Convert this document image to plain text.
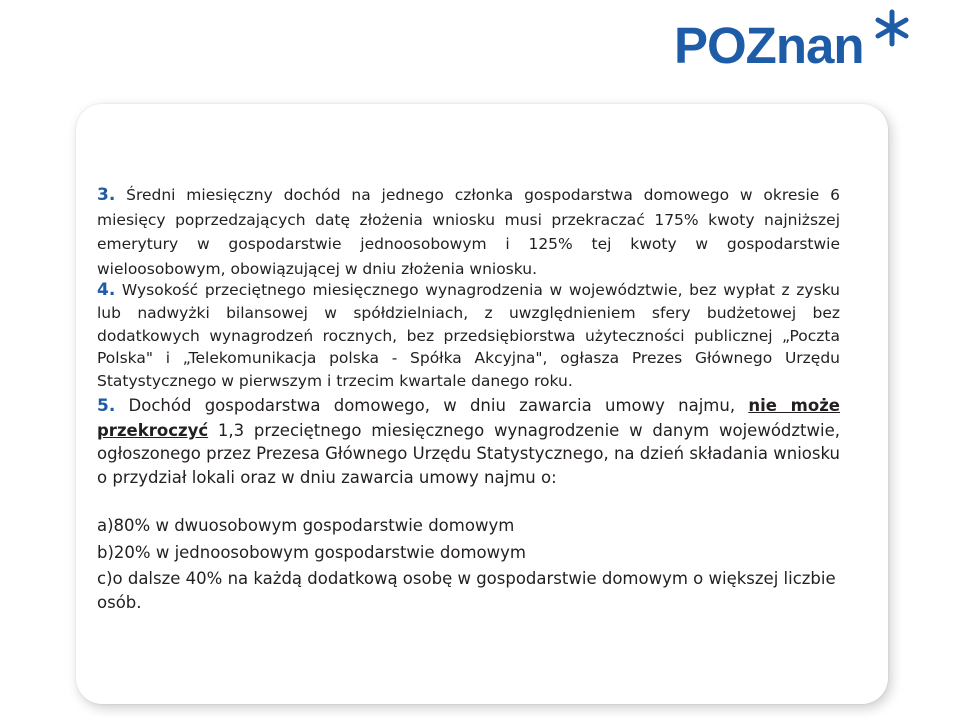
POZnan

3. Średni miesięczny dochód na jednego członka gospodarstwa domowego w okresie 6 miesięcy poprzedzających datę złożenia wniosku musi przekraczać 175% kwoty najniższej emerytury w gospodarstwie jednoosobowym i 125% tej kwoty w gospodarstwie wieloosobowym, obowiązującej w dniu złożenia wniosku.

4. Wysokość przeciętnego miesięcznego wynagrodzenia w województwie, bez wypłat z zysku lub nadwyżki bilansowej w spółdzielniach, z uwzględnieniem sfery budżetowej bez dodatkowych wynagrodzeń rocznych, bez przedsiębiorstwa użyteczności publicznej „Poczta Polska" i „Telekomunikacja polska - Spółka Akcyjna", ogłasza Prezes Głównego Urzędu Statystycznego w pierwszym i trzecim kwartale danego roku.

5. Dochód gospodarstwa domowego, w dniu zawarcia umowy najmu, nie może przekroczyć 1,3 przeciętnego miesięcznego wynagrodzenie w danym województwie, ogłoszonego przez Prezesa Głównego Urzędu Statystycznego, na dzień składania wniosku o przydział lokali oraz w dniu zawarcia umowy najmu o:

a)80% w dwuosobowym gospodarstwie domowym

b)20% w jednoosobowym gospodarstwie domowym

c)o dalsze 40% na każdą dodatkową osobę w gospodarstwie domowym o większej liczbie osób.
